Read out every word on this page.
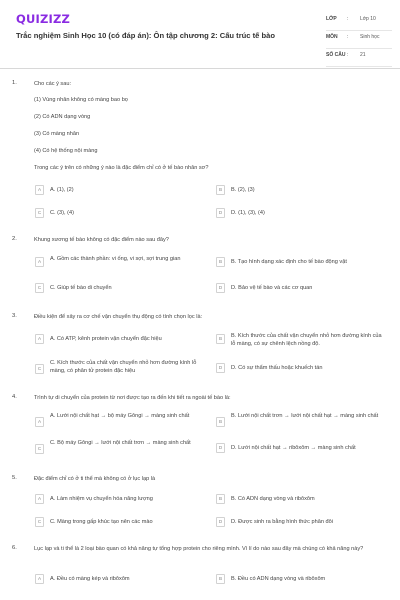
QUIZIZZ
Trắc nghiệm Sinh Học 10 (có đáp án): Ôn tập chương 2: Cấu trúc tế bào
LỚP : Lớp 10
MÔN : Sinh học
SỐ CÂU : 21
1.	Cho các ý sau:
(1) Vùng nhân không có màng bao bọ
(2) Có ADN dạng vòng
(3) Có màng nhân
(4) Có hệ thống nội màng
Trong các ý trên có những ý nào là đặc điểm chỉ có ở tế bào nhân sơ?
A	A. (1), (2)	B	B. (2), (3)
C	C. (3), (4)	D	D. (1), (3), (4)
2.	Khung xương tế bào không có đặc điểm nào sau đây?
A	A. Gồm các thành phần: vi ống, vi sợi, sợi trung gian	B	B. Tạo hình dạng xác định cho tế bào động vật
C	C. Giúp tế bào di chuyển	D	D. Bảo vệ tế bào và các cơ quan
3.	Điều kiện để xảy ra cơ chế vận chuyển thụ động có tính chọn lọc là:
A	A. Có ATP, kênh protein vận chuyển đặc hiệu	B	B. Kích thước của chất vận chuyển nhỏ hơn đường kính của lỗ màng, có sự chênh lệch nồng độ.
C
C. Kích thước của chất vận chuyển nhỏ hơn đường kính lỗ màng, có phân tử protein đặc hiệu	D	D. Có sự thẩm thấu hoặc khuếch tán
4.	Trình tự di chuyển của protein từ nơi được tạo ra đến khi tiết ra ngoài tế bào là:
A
A. Lưới nội chất hạt → bộ máy Gôngi → màng sinh chất
B
B. Lưới nội chất trơn → lưới nội chất hạt → màng sinh chất
C
C. Bộ máy Gôngi → lưới nội chất trơn → màng sinh chất
D	D. Lưới nội chất hạt → ribôxôm → màng sinh chất
5.	Đặc điểm chỉ có ở ti thể mà không có ở lục lạp là
A	A. Làm nhiệm vụ chuyển hóa năng lượng	B	B. Có ADN dạng vòng và ribôxôm
C	C. Màng trong gấp khúc tạo nên các mào	D	D. Được sinh ra bằng hình thức phân đôi
6.	Lục lạp và ti thể là 2 loại bào quan có khả năng tự tổng hợp protein cho riêng mình. Vì lí do nào sau đây mà chúng có khả năng này?
A	A. Đều có màng kép và ribôxôm	B	B. Đều có ADN dạng vòng và ribôxôm
